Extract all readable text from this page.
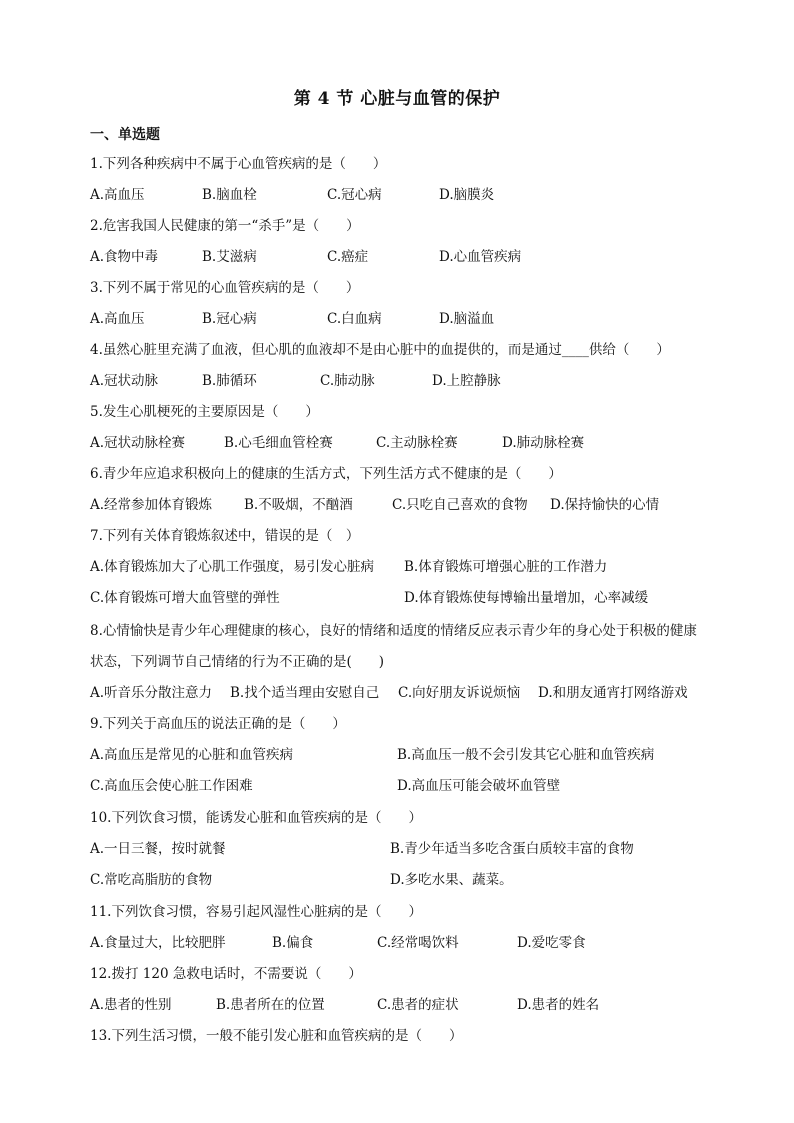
第 4 节 心脏与血管的保护
一、单选题
1.下列各种疾病中不属于心血管疾病的是（　　）
A.高血压	B.脑血栓	C.冠心病	D.脑膜炎
2.危害我国人民健康的第一“杀手”是（　　）
A.食物中毒	B.艾滋病	C.癌症	D.心血管疾病
3.下列不属于常见的心血管疾病的是（　　）
A.高血压	B.冠心病	C.白血病	D.脑溢血
4.虽然心脏里充满了血液，但心肌的血液却不是由心脏中的血提供的，而是通过____供给（　　）
A.冠状动脉	B.肺循环	C.肺动脉	D.上腔静脉
5.发生心肌梗死的主要原因是（　　）
A.冠状动脉栓赛	B.心毛细血管栓赛	C.主动脉栓赛	D.肺动脉栓赛
6.青少年应追求积极向上的健康的生活方式，下列生活方式不健康的是（　　）
A.经常参加体育锻炼 B.不吸烟，不酗酒	C.只吃自己喜欢的食物 D.保持愉快的心情
7.下列有关体育锻炼叙述中，错误的是（　）
A.体育锻炼加大了心肌工作强度，易引发心脏病 B.体育锻炼可增强心脏的工作潜力
C.体育锻炼可增大血管壁的弹性	D.体育锻炼使每博输出量增加，心率减缓
8.心情愉快是青少年心理健康的核心，良好的情绪和适度的情绪反应表示青少年的身心处于积极的健康状态，下列调节自己情绪的行为不正确的是(　　)
A.听音乐分散注意力 B.找个适当理由安慰自己 C.向好朋友诉说烦恼 D.和朋友通宵打网络游戏
9.下列关于高血压的说法正确的是（　　）
A.高血压是常见的心脏和血管疾病	B.高血压一般不会引发其它心脏和血管疾病
C.高血压会使心脏工作困难	D.高血压可能会破坏血管壁
10.下列饮食习惯，能诱发心脏和血管疾病的是（　　）
A.一日三餐，按时就餐	B.青少年适当多吃含蛋白质较丰富的食物
C.常吃高脂肪的食物	D.多吃水果、蔬菜。
11.下列饮食习惯，容易引起风湿性心脏病的是（　　）
A.食量过大，比较肥胖	B.偏食	C.经常喝饮料	D.爱吃零食
12.拨打 120 急救电话时，不需要说（　　）
A.患者的性别	B.患者所在的位置	C.患者的症状	D.患者的姓名
13.下列生活习惯，一般不能引发心脏和血管疾病的是（　　）
